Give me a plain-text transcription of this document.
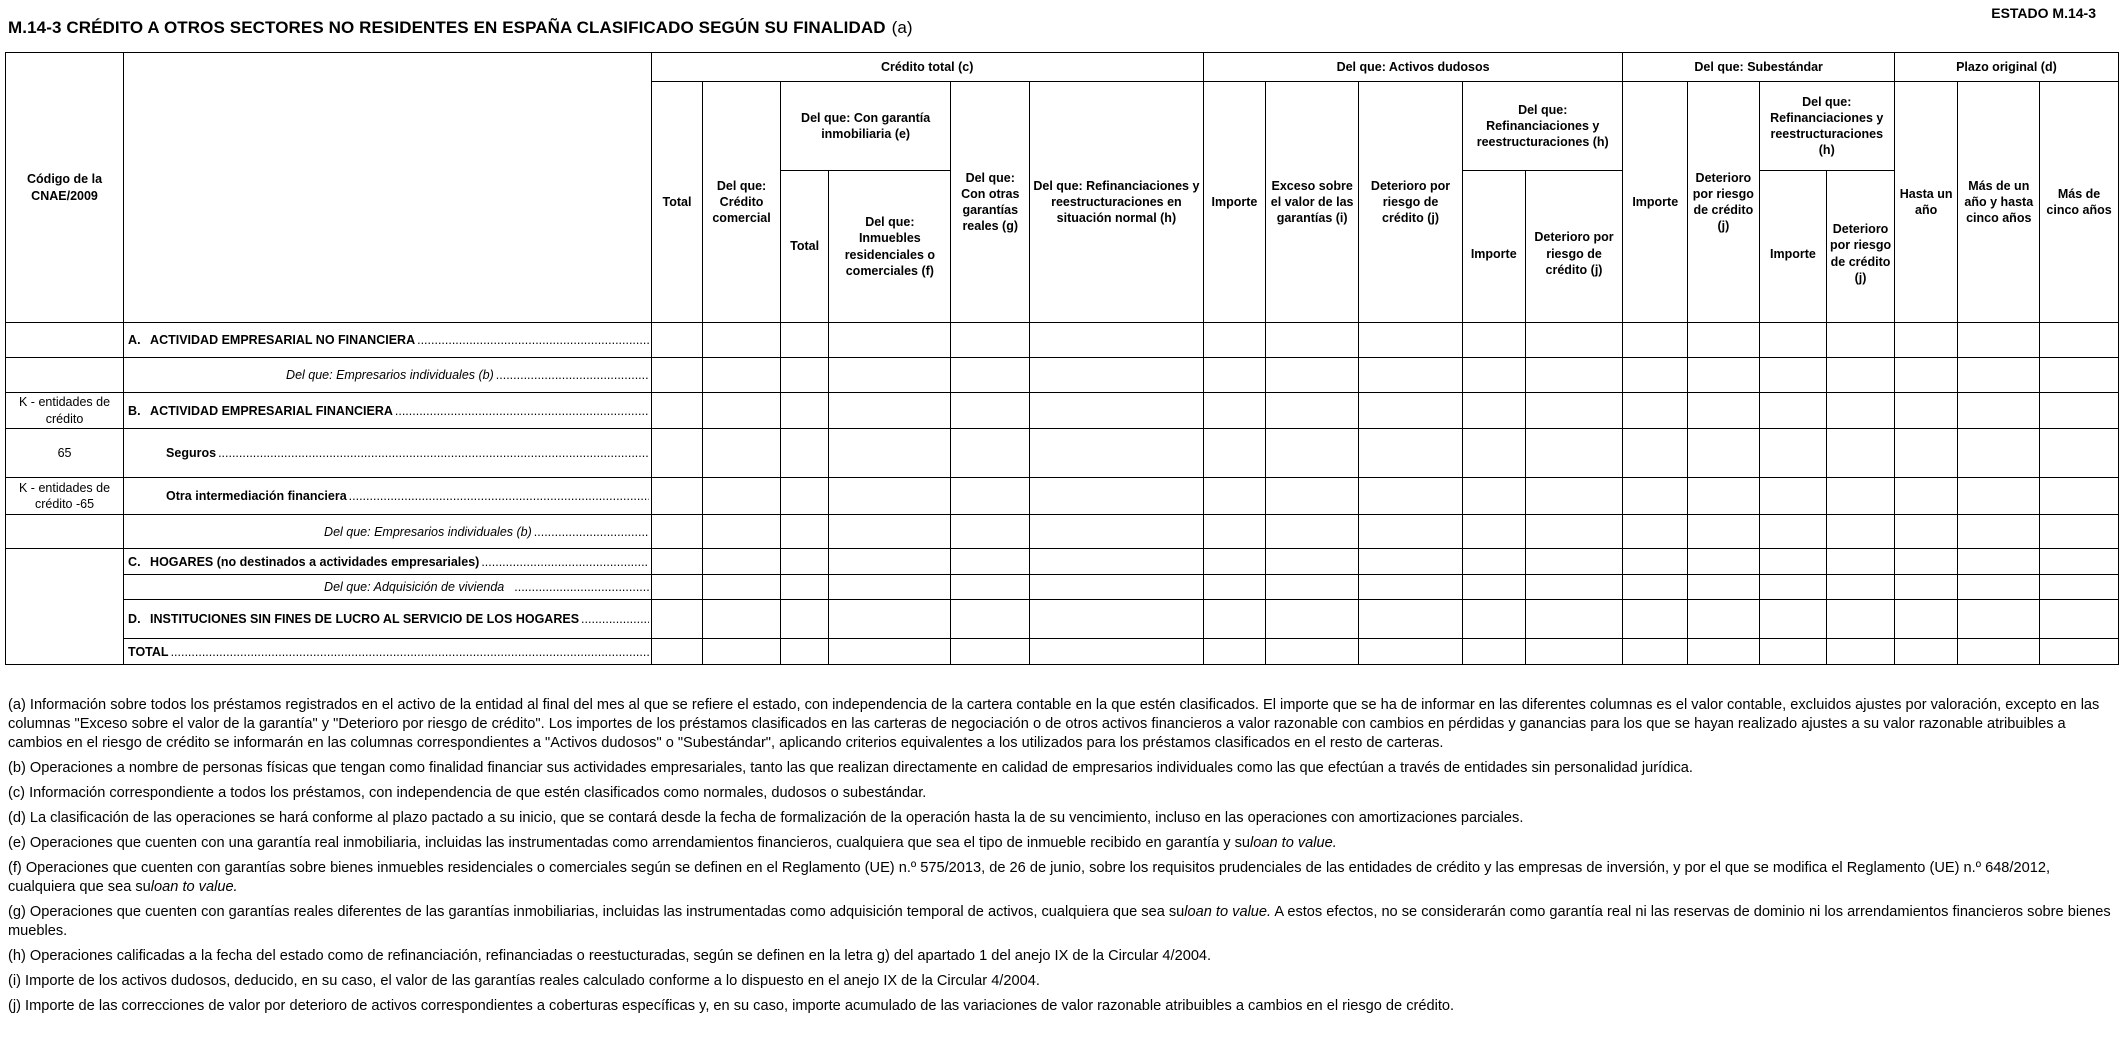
ESTADO M.14-3
M.14-3 CRÉDITO A OTROS SECTORES NO RESIDENTES EN ESPAÑA CLASIFICADO SEGÚN SU FINALIDAD (a)
Código de la CNAE/2009		Crédito total (c)						Del que: Activos dudosos					Del que: Subestándar				Plazo original (d)		
		Total	Del que: Crédito comercial	Del que: Con garantía inmobiliaria (e)		Del que: Con otras garantías reales (g)	Del que: Refinanciaciones y reestructuraciones en situación normal (h)	Importe	Exceso sobre el valor de las garantías (i)	Deterioro por riesgo de crédito (j)	Del que: Refinanciaciones y reestructuraciones (h)		Importe	Deterioro por riesgo de crédito (j)	Del que: Refinanciaciones y reestructuraciones (h)		Hasta un año	Más de un año y hasta cinco años	Más de cinco años
				Total	Del que: Inmuebles residenciales o comerciales (f)						Importe	Deterioro por riesgo de crédito (j)			Importe	Deterioro por riesgo de crédito (j)			

	A. ACTIVIDAD EMPRESARIAL NO FINANCIERA
.....

	Del que: Empresarios individuales (b)
.....

K - entidades de crédito	B. ACTIVIDAD EMPRESARIAL FINANCIERA
.....

65	Seguros
.....

K - entidades de crédito -65	Otra intermediación financiera
.....

	Del que: Empresarios individuales (b)
.....

	C. HOGARES (no destinados a actividades empresariales)
.....

	Del que: Adquisición de vivienda
.....

	D. INSTITUCIONES SIN FINES DE LUCRO AL SERVICIO DE LOS HOGARES
.....

	TOTAL
.....

(a) Información sobre todos los préstamos registrados en el activo de la entidad al final del mes al que se refiere el estado, con independencia de la cartera contable en la que estén clasificados. El importe que se ha de informar en las diferentes columnas es el valor contable, excluidos ajustes por valoración, excepto en las columnas "Exceso sobre el valor de la garantía" y "Deterioro por riesgo de crédito". Los importes de los préstamos clasificados en las carteras de negociación o de otros activos financieros a valor razonable con cambios en pérdidas y ganancias para los que se hayan realizado ajustes a su valor razonable atribuibles a cambios en el riesgo de crédito se informarán en las columnas correspondientes a "Activos dudosos" o "Subestándar", aplicando criterios equivalentes a los utilizados para los préstamos clasificados en el resto de carteras.

(b) Operaciones a nombre de personas físicas que tengan como finalidad financiar sus actividades empresariales, tanto las que realizan directamente en calidad de empresarios individuales como las que efectúan a través de entidades sin personalidad jurídica.

(c) Información correspondiente a todos los préstamos, con independencia de que estén clasificados como normales, dudosos o subestándar.

(d) La clasificación de las operaciones se hará conforme al plazo pactado a su inicio, que se contará desde la fecha de formalización de la operación hasta la de su vencimiento, incluso en las operaciones con amortizaciones parciales.

(e) Operaciones que cuenten con una garantía real inmobiliaria, incluidas las instrumentadas como arrendamientos financieros, cualquiera que sea el tipo de inmueble recibido en garantía y suloan to value.

(f) Operaciones que cuenten con garantías sobre bienes inmuebles residenciales o comerciales según se definen en el Reglamento (UE) n.º 575/2013, de 26 de junio, sobre los requisitos prudenciales de las entidades de crédito y las empresas de inversión, y por el que se modifica el Reglamento (UE) n.º 648/2012, cualquiera que sea suloan to value.

(g) Operaciones que cuenten con garantías reales diferentes de las garantías inmobiliarias, incluidas las instrumentadas como adquisición temporal de activos, cualquiera que sea suloan to value. A estos efectos, no se considerarán como garantía real ni las reservas de dominio ni los arrendamientos financieros sobre bienes muebles.

(h) Operaciones calificadas a la fecha del estado como de refinanciación, refinanciadas o reestucturadas, según se definen en la letra g) del apartado 1 del anejo IX de la Circular 4/2004.

(i) Importe de los activos dudosos, deducido, en su caso, el valor de las garantías reales calculado conforme a lo dispuesto en el anejo IX de la Circular 4/2004.

(j) Importe de las correcciones de valor por deterioro de activos correspondientes a coberturas específicas y, en su caso, importe acumulado de las variaciones de valor razonable atribuibles a cambios en el riesgo de crédito.
